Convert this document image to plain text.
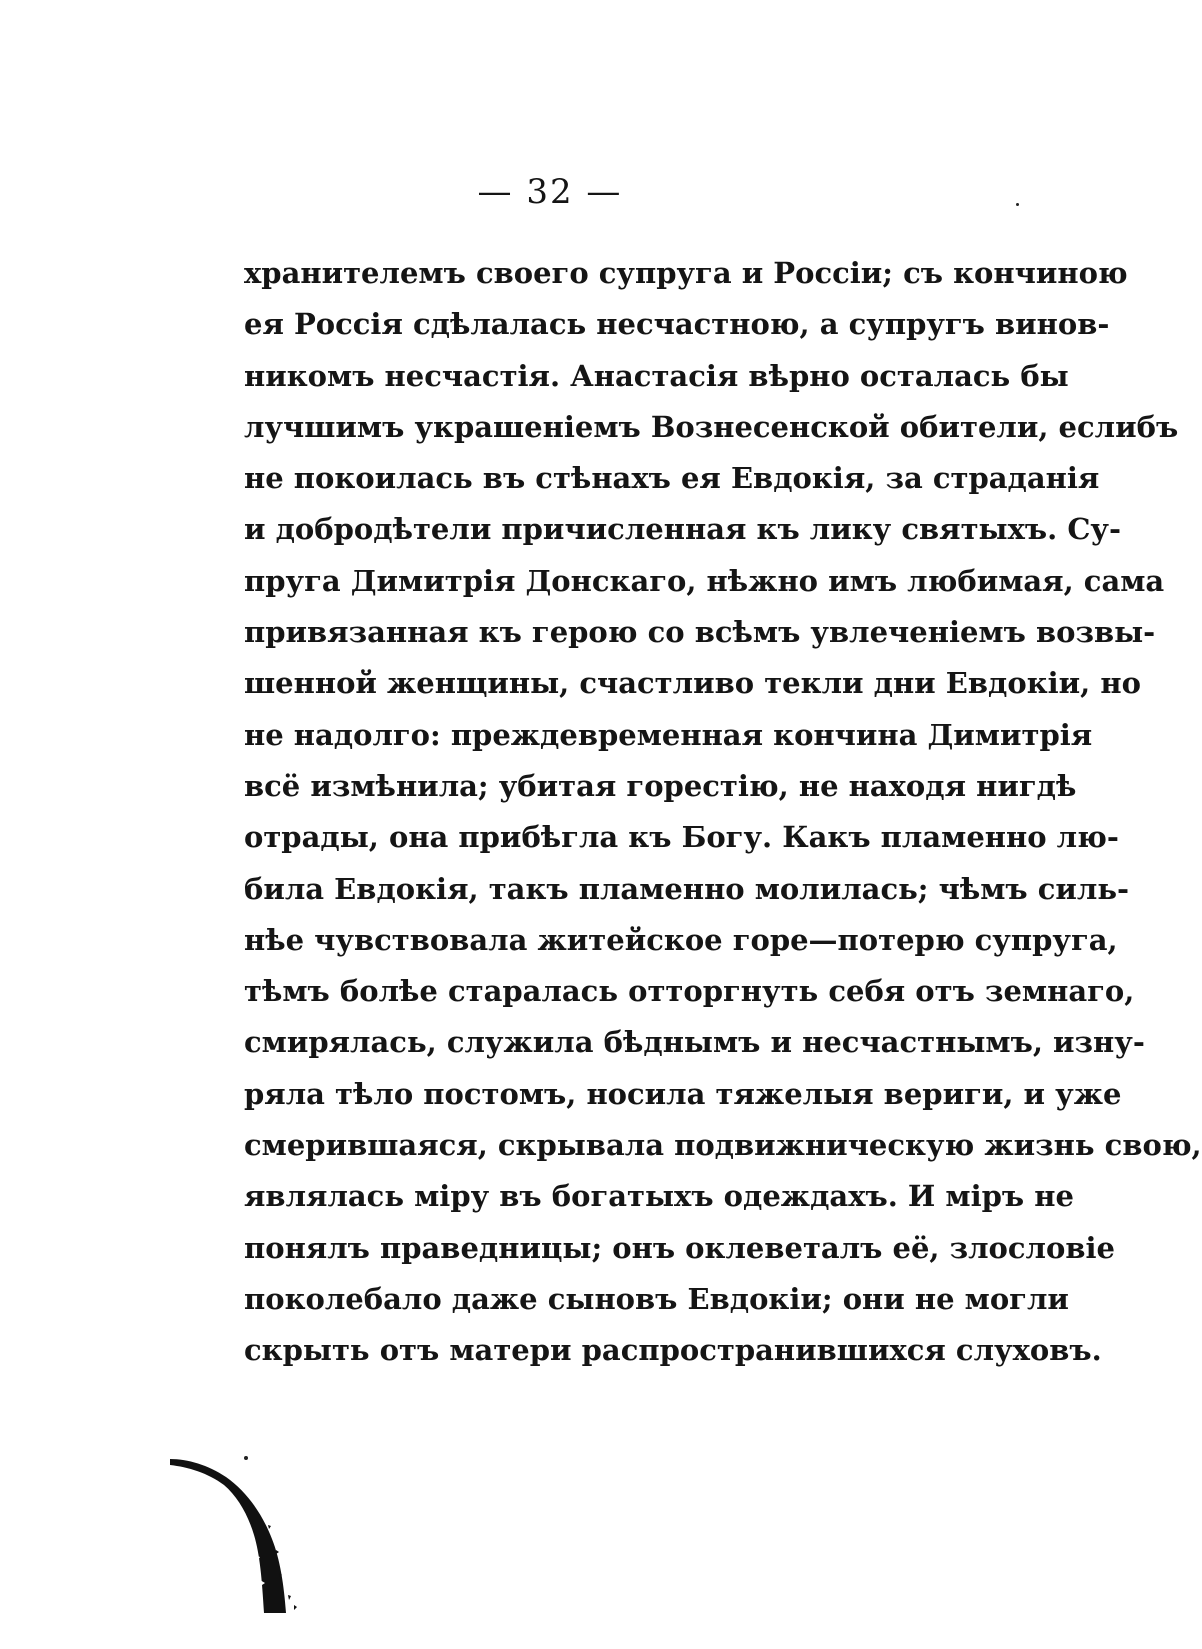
— 32 —
хранителемъ своего супруга и Россіи; съ кончиною
ея Россія сдѣлалась несчастною, а супругъ винов-
никомъ несчастія. Анастасія вѣрно осталась бы
лучшимъ украшеніемъ Вознесенской обители, еслибъ
не покоилась въ стѣнахъ ея Евдокія, за страданія
и добродѣтели причисленная къ лику святыхъ. Су-
пруга Димитрія Донскаго, нѣжно имъ любимая, сама
привязанная къ герою со всѣмъ увлеченіемъ возвы-
шенной женщины, счастливо текли дни Евдокіи, но
не надолго: преждевременная кончина Димитрія
всё измѣнила; убитая горестію, не находя нигдѣ
отрады, она прибѣгла къ Богу. Какъ пламенно лю-
била Евдокія, такъ пламенно молилась; чѣмъ силь-
нѣе чувствовала житейское горе—потерю супруга,
тѣмъ болѣе старалась отторгнуть себя отъ земнаго,
смирялась, служила бѣднымъ и несчастнымъ, изну-
ряла тѣло постомъ, носила тяжелыя вериги, и уже
смерившаяся, скрывала подвижническую жизнь свою,
являлась міру въ богатыхъ одеждахъ. И міръ не
понялъ праведницы; онъ оклеветалъ её, злословіе
поколебало даже сыновъ Евдокіи; они не могли
скрыть отъ матери распространившихся слуховъ.
